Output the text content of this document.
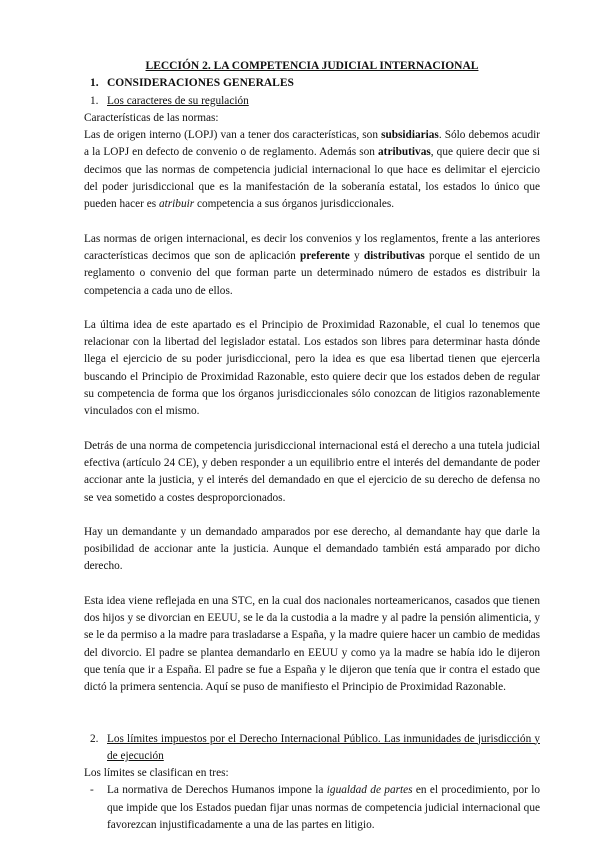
LECCIÓN 2. LA COMPETENCIA JUDICIAL INTERNACIONAL

1. CONSIDERACIONES GENERALES
1. Los caracteres de su regulación

Características de las normas:

Las de origen interno (LOPJ) van a tener dos características, son subsidiarias. Sólo debemos acudir a la LOPJ en defecto de convenio o de reglamento. Además son atributivas, que quiere decir que si decimos que las normas de competencia judicial internacional lo que hace es delimitar el ejercicio del poder jurisdiccional que es la manifestación de la soberanía estatal, los estados lo único que pueden hacer es atribuir competencia a sus órganos jurisdiccionales.

Las normas de origen internacional, es decir los convenios y los reglamentos, frente a las anteriores características decimos que son de aplicación preferente y distributivas porque el sentido de un reglamento o convenio del que forman parte un determinado número de estados es distribuir la competencia a cada uno de ellos.

La última idea de este apartado es el Principio de Proximidad Razonable, el cual lo tenemos que relacionar con la libertad del legislador estatal. Los estados son libres para determinar hasta dónde llega el ejercicio de su poder jurisdiccional, pero la idea es que esa libertad tienen que ejercerla buscando el Principio de Proximidad Razonable, esto quiere decir que los estados deben de regular su competencia de forma que los órganos jurisdiccionales sólo conozcan de litigios razonablemente vinculados con el mismo.

Detrás de una norma de competencia jurisdiccional internacional está el derecho a una tutela judicial efectiva (artículo 24 CE), y deben responder a un equilibrio entre el interés del demandante de poder accionar ante la justicia, y el interés del demandado en que el ejercicio de su derecho de defensa no se vea sometido a costes desproporcionados.

Hay un demandante y un demandado amparados por ese derecho, al demandante hay que darle la posibilidad de accionar ante la justicia. Aunque el demandado también está amparado por dicho derecho.

Esta idea viene reflejada en una STC, en la cual dos nacionales norteamericanos, casados que tienen dos hijos y se divorcian en EEUU, se le da la custodia a la madre y al padre la pensión alimenticia, y se le da permiso a la madre para trasladarse a España, y la madre quiere hacer un cambio de medidas del divorcio. El padre se plantea demandarlo en EEUU y como ya la madre se había ido le dijeron que tenía que ir a España. El padre se fue a España y le dijeron que tenía que ir contra el estado que dictó la primera sentencia. Aquí se puso de manifiesto el Principio de Proximidad Razonable.

2. Los límites impuestos por el Derecho Internacional Público. Las inmunidades de jurisdicción y de ejecución

Los límites se clasifican en tres:

-	La normativa de Derechos Humanos impone la igualdad de partes en el procedimiento, por lo que impide que los Estados puedan fijar unas normas de competencia judicial internacional que favorezcan injustificadamente a una de las partes en litigio.
